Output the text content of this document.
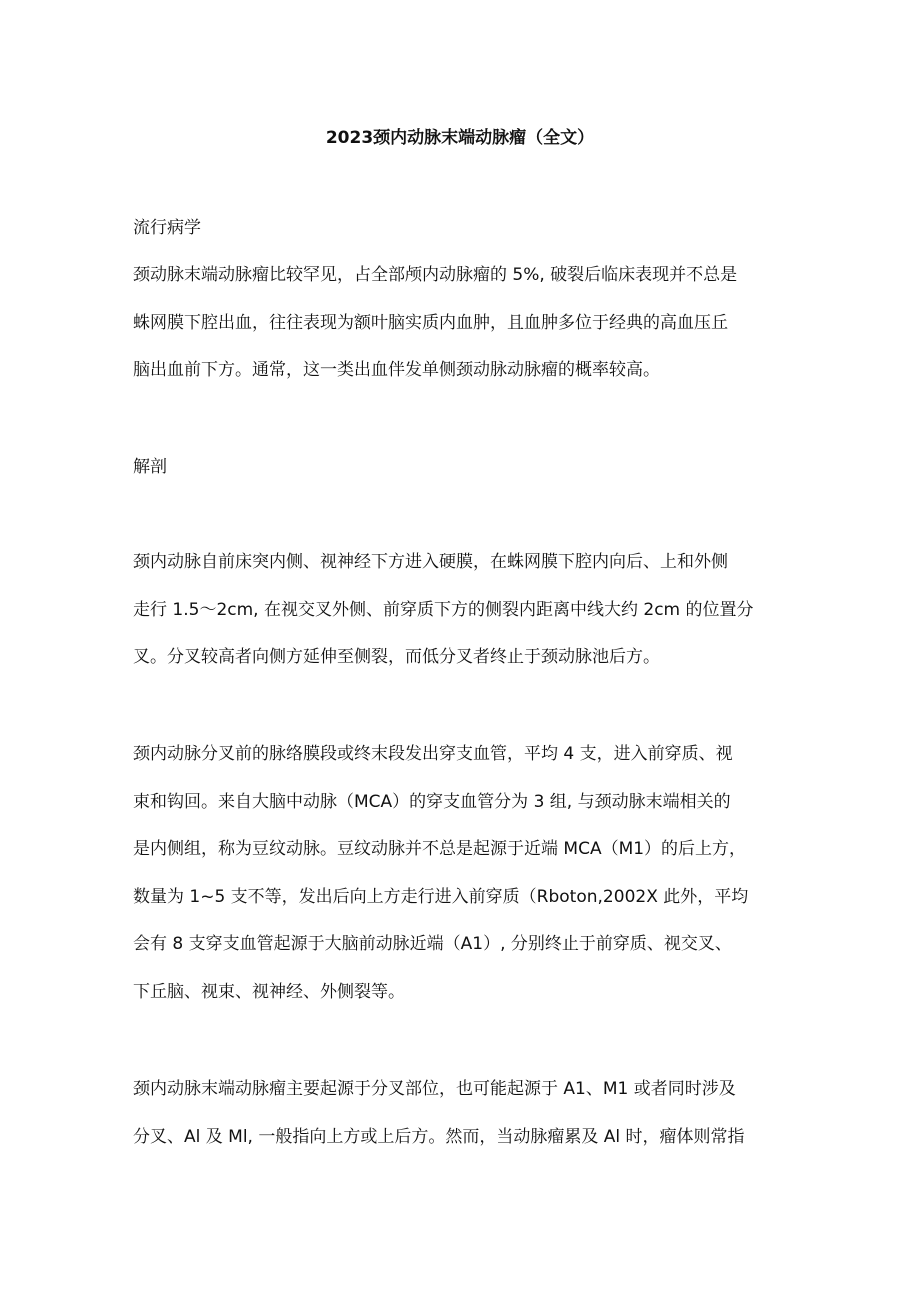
2023颈内动脉末端动脉瘤（全文）

流行病学

颈动脉末端动脉瘤比较罕见，占全部颅内动脉瘤的 5%, 破裂后临床表现并不总是
蛛网膜下腔出血，往往表现为额叶脑实质内血肿，且血肿多位于经典的高血压丘
脑出血前下方。通常，这一类出血伴发单侧颈动脉动脉瘤的概率较高。

解剖

颈内动脉自前床突内侧、视神经下方进入硬膜，在蛛网膜下腔内向后、上和外侧
走行 1.5～2cm, 在视交叉外侧、前穿质下方的侧裂内距离中线大约 2cm 的位置分
叉。分叉较高者向侧方延伸至侧裂，而低分叉者终止于颈动脉池后方。
颈内动脉分叉前的脉络膜段或终末段发出穿支血管，平均 4 支，进入前穿质、视
束和钩回。来自大脑中动脉（MCA）的穿支血管分为 3 组, 与颈动脉末端相关的
是内侧组，称为豆纹动脉。豆纹动脉并不总是起源于近端 MCA（M1）的后上方，
数量为 1~5 支不等，发出后向上方走行进入前穿质（Rboton,2002X 此外，平均
会有 8 支穿支血管起源于大脑前动脉近端（A1）, 分别终止于前穿质、视交叉、
下丘脑、视束、视神经、外侧裂等。
颈内动脉末端动脉瘤主要起源于分叉部位，也可能起源于 A1、M1 或者同时涉及
分叉、Al 及 Ml, 一般指向上方或上后方。然而，当动脉瘤累及 Al 时，瘤体则常指
